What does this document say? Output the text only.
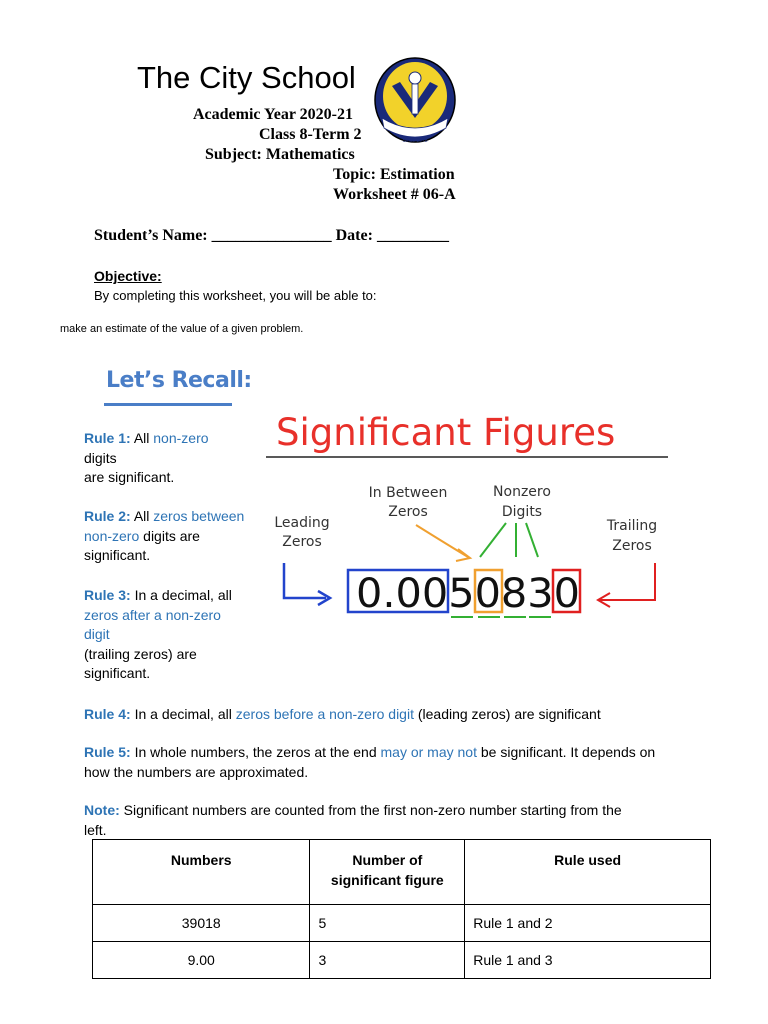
The City School
Since 1978
Academic Year 2020-21
Class 8-Term 2
Subject: Mathematics
Topic: Estimation
Worksheet # 06-A
Student’s Name: _______________ Date: _________
Objective:
By completing this worksheet, you will be able to:
make an estimate of the value of a given problem.
Let’s Recall:
Rule 1: All non-zero
digits
are significant.
Rule 2: All zeros between
non-zero digits are
significant.
Rule 3: In a decimal, all
zeros after a non-zero
digit
(trailing zeros) are
significant.
Significant Figures
Leading
Zeros
In Between
Zeros
Nonzero
Digits
Trailing
Zeros
0.0050830
Rule 4: In a decimal, all zeros before a non-zero digit (leading zeros) are significant
Rule 5: In whole numbers, the zeros at the end may or may not be significant. It depends on
how the numbers are approximated.
Note: Significant numbers are counted from the first non-zero number starting from the
left.
Numbers	Number of significant figure	Rule used
39018	5	Rule 1 and 2
9.00	3	Rule 1 and 3
